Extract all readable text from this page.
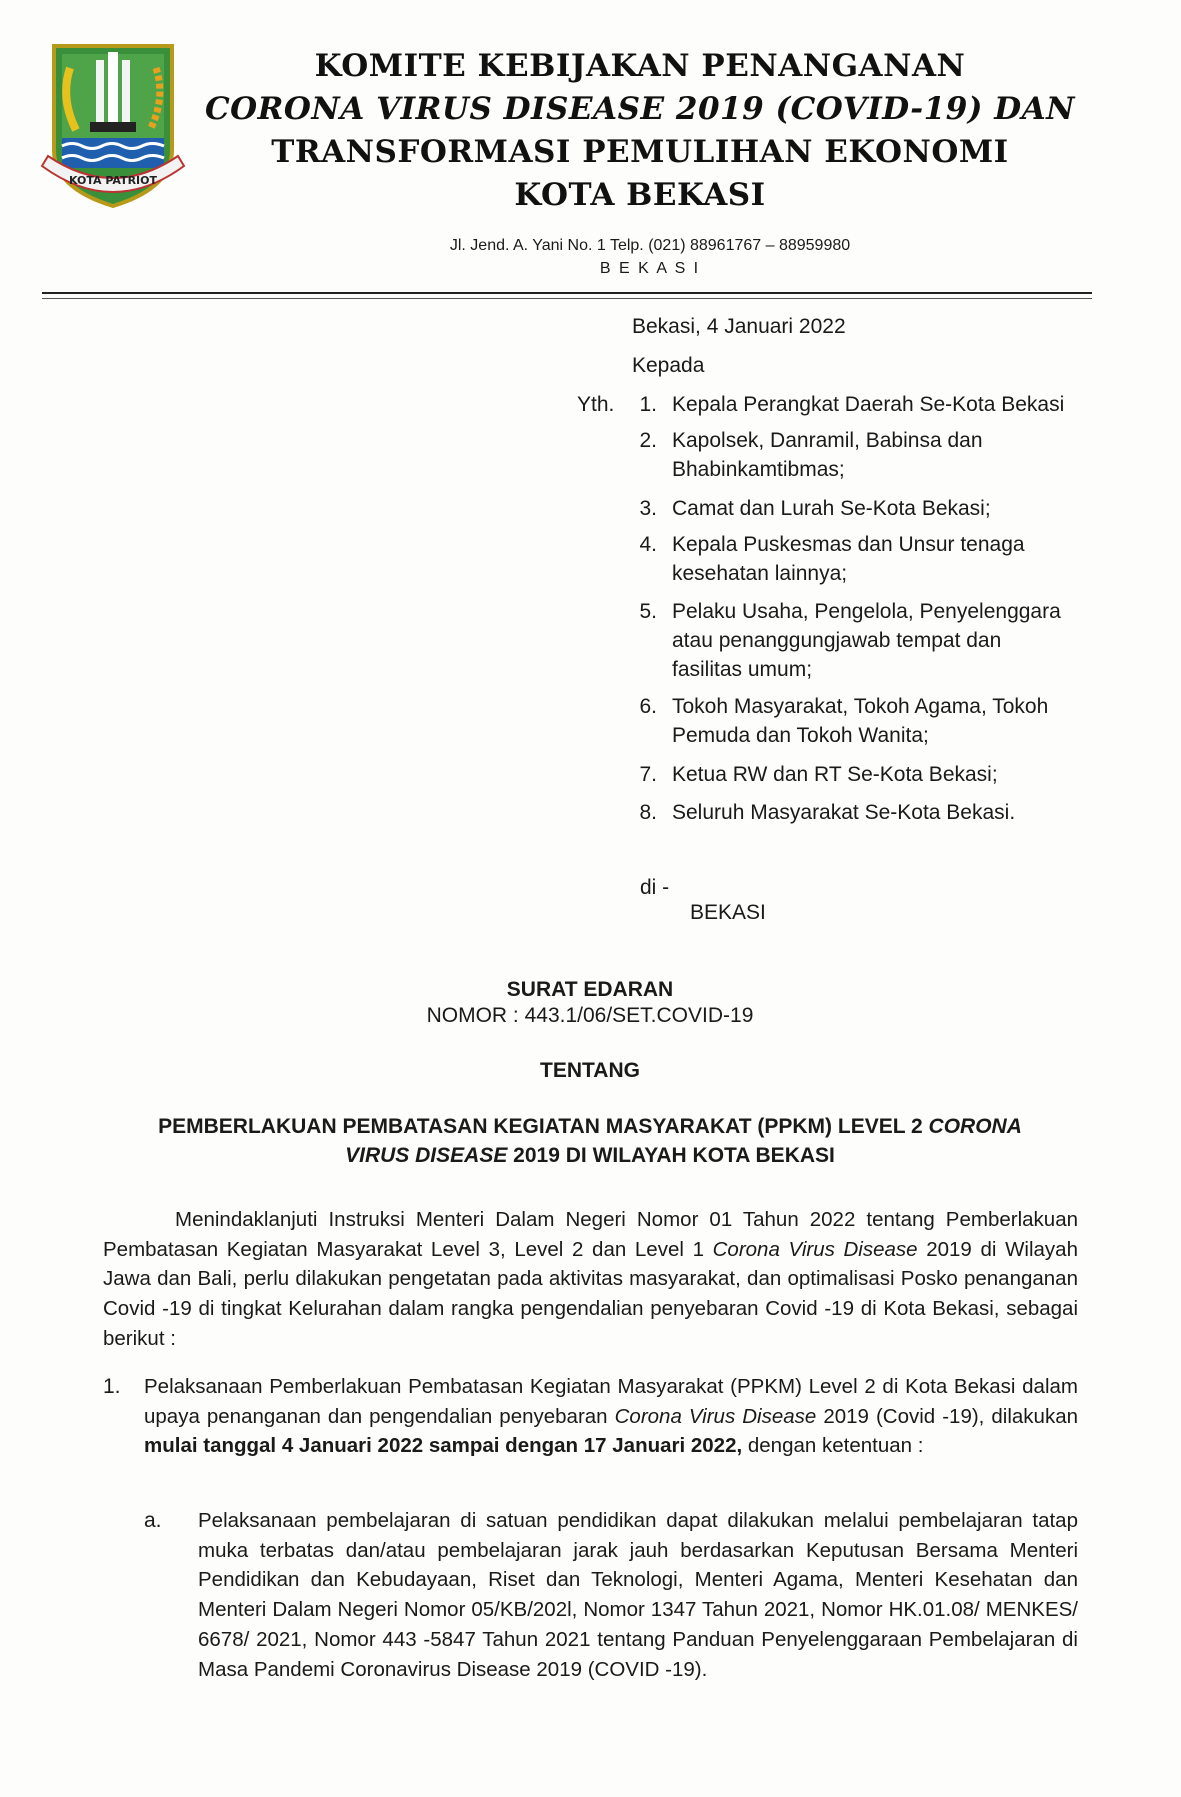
KOTA PATRIOT
KOMITE KEBIJAKAN PENANGANAN
CORONA VIRUS DISEASE 2019 (COVID-19) DAN
TRANSFORMASI PEMULIHAN EKONOMI
KOTA BEKASI
Jl. Jend. A. Yani No. 1 Telp. (021) 88961767 – 88959980
B E K A S I
Bekasi, 4 Januari 2022
Kepada
Yth.	1. Kepala Perangkat Daerah Se-Kota Bekasi
2. Kapolsek, Danramil, Babinsa dan
Bhabinkamtibmas;
3. Camat dan Lurah Se-Kota Bekasi;
4. Kepala Puskesmas dan Unsur tenaga
kesehatan lainnya;
5. Pelaku Usaha, Pengelola, Penyelenggara
atau penanggungjawab tempat dan
fasilitas umum;
6. Tokoh Masyarakat, Tokoh Agama, Tokoh
Pemuda dan Tokoh Wanita;
7. Ketua RW dan RT Se-Kota Bekasi;
8. Seluruh Masyarakat Se-Kota Bekasi.
di -
BEKASI
SURAT EDARAN
NOMOR : 443.1/06/SET.COVID-19
TENTANG
PEMBERLAKUAN PEMBATASAN KEGIATAN MASYARAKAT (PPKM) LEVEL 2 CORONA
VIRUS DISEASE 2019 DI WILAYAH KOTA BEKASI
Menindaklanjuti Instruksi Menteri Dalam Negeri Nomor 01 Tahun 2022 tentang Pemberlakuan Pembatasan Kegiatan Masyarakat Level 3, Level 2 dan Level 1 Corona Virus Disease 2019 di Wilayah Jawa dan Bali, perlu dilakukan pengetatan pada aktivitas masyarakat, dan optimalisasi Posko penanganan Covid -19 di tingkat Kelurahan dalam rangka pengendalian penyebaran Covid -19 di Kota Bekasi, sebagai berikut :
1. Pelaksanaan Pemberlakuan Pembatasan Kegiatan Masyarakat (PPKM) Level 2 di Kota Bekasi dalam upaya penanganan dan pengendalian penyebaran Corona Virus Disease 2019 (Covid -19), dilakukan mulai tanggal 4 Januari 2022 sampai dengan 17 Januari 2022, dengan ketentuan :
a. Pelaksanaan pembelajaran di satuan pendidikan dapat dilakukan melalui pembelajaran tatap muka terbatas dan/atau pembelajaran jarak jauh berdasarkan Keputusan Bersama Menteri Pendidikan dan Kebudayaan, Riset dan Teknologi, Menteri Agama, Menteri Kesehatan dan Menteri Dalam Negeri Nomor 05/KB/202l, Nomor 1347 Tahun 2021, Nomor HK.01.08/ MENKES/ 6678/ 2021, Nomor 443 -5847 Tahun 2021 tentang Panduan Penyelenggaraan Pembelajaran di Masa Pandemi Coronavirus Disease 2019 (COVID -19).
